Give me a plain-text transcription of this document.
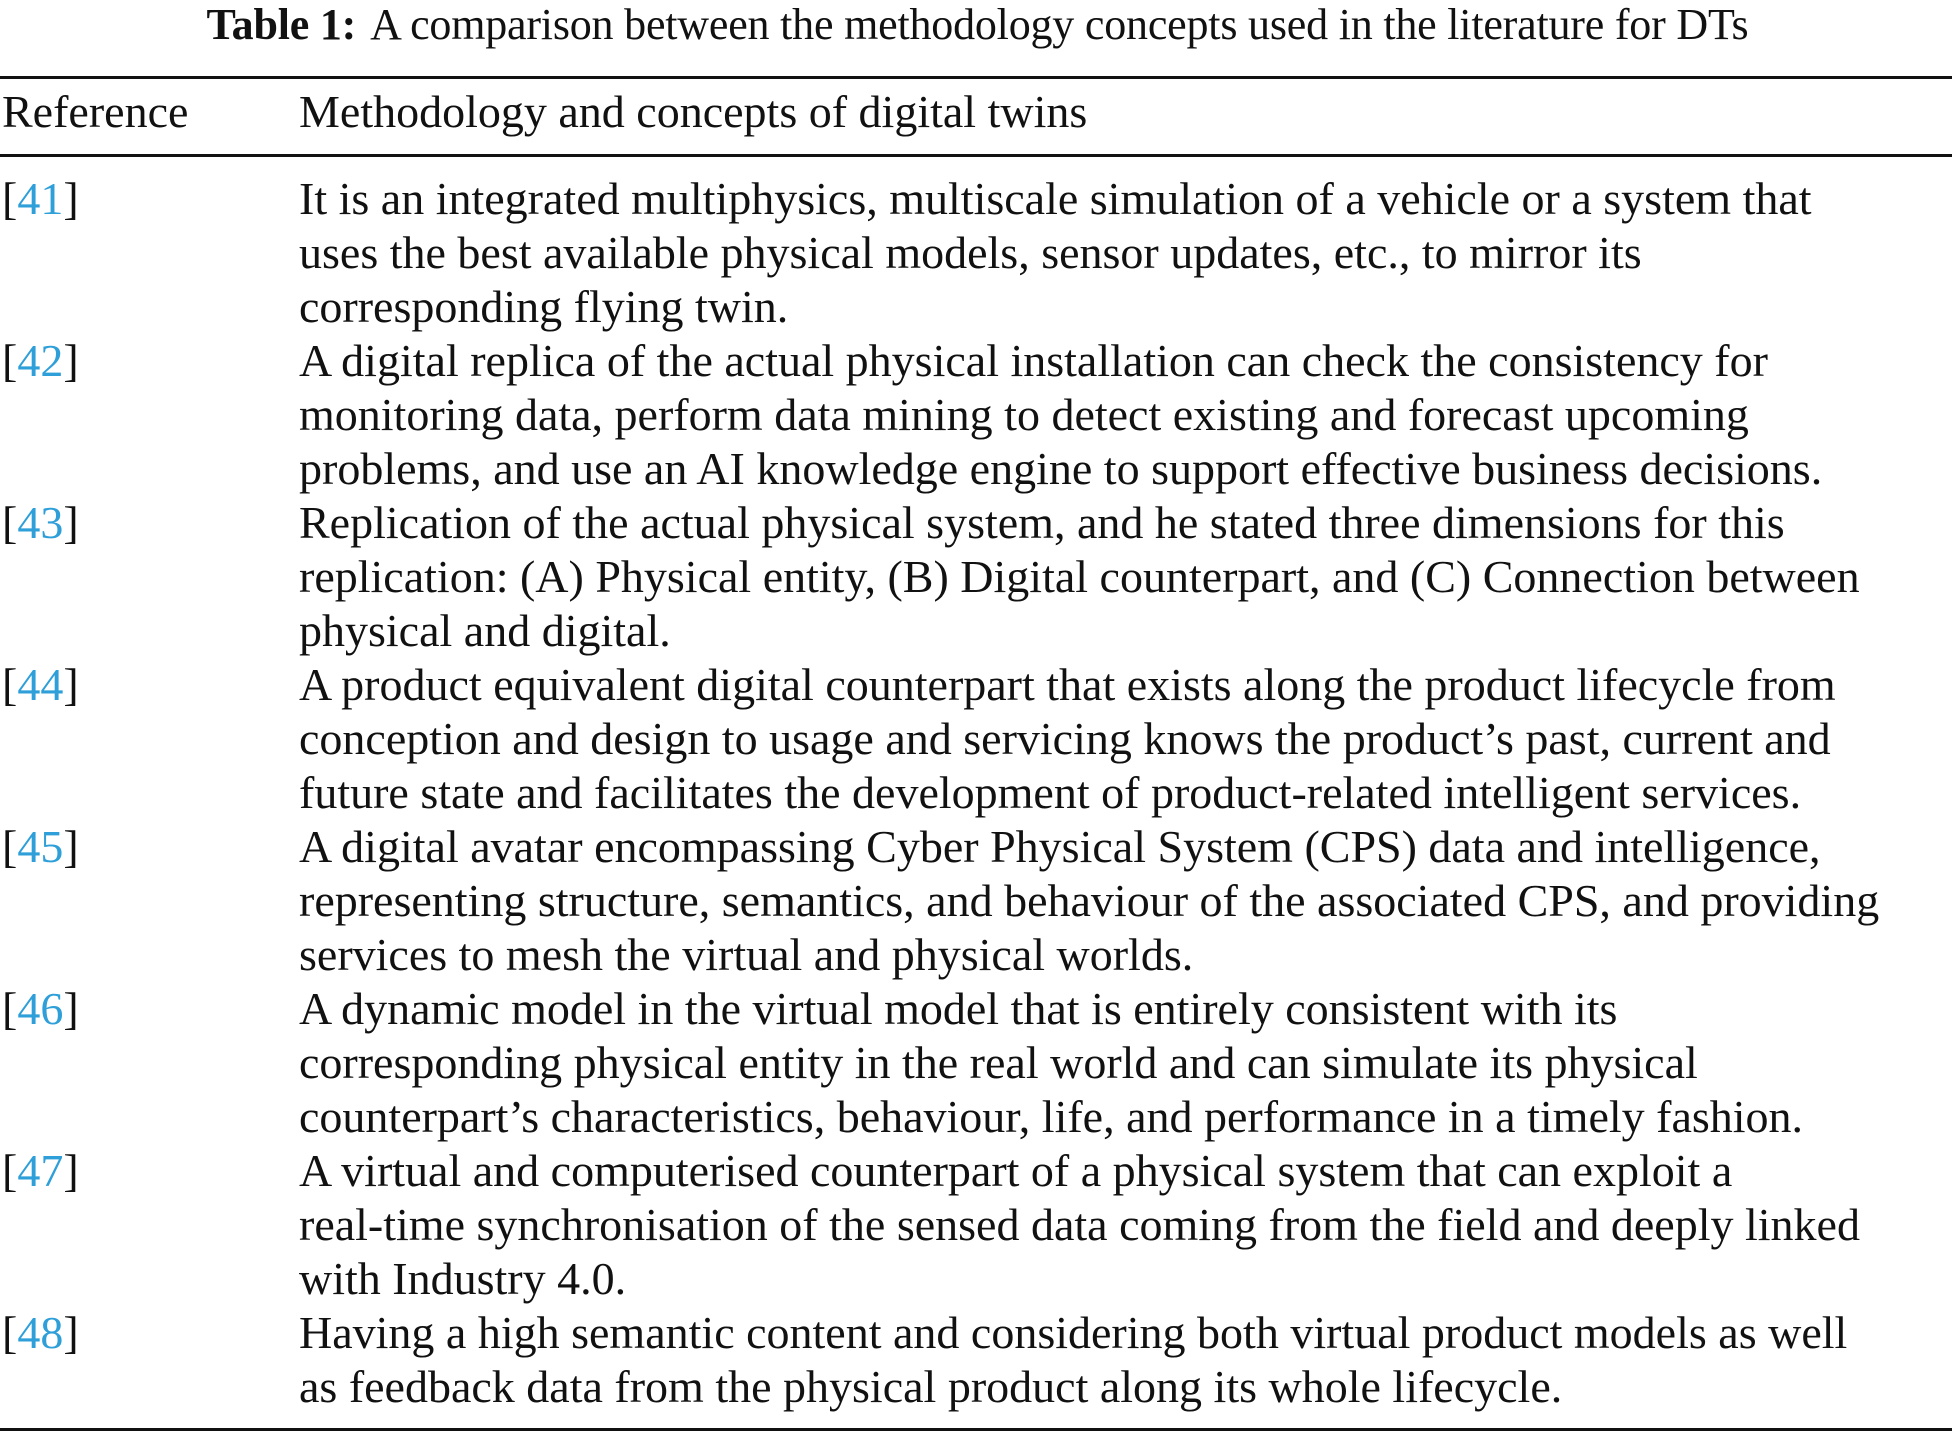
Table 1: A comparison between the methodology concepts used in the literature for DTs
Reference Methodology and concepts of digital twins
[41]	It is an integrated multiphysics, multiscale simulation of a vehicle or a system that
uses the best available physical models, sensor updates, etc., to mirror its
corresponding flying twin.
[42]	A digital replica of the actual physical installation can check the consistency for
monitoring data, perform data mining to detect existing and forecast upcoming
problems, and use an AI knowledge engine to support effective business decisions.
[43]	Replication of the actual physical system, and he stated three dimensions for this
replication: (A) Physical entity, (B) Digital counterpart, and (C) Connection between
physical and digital.
[44]	A product equivalent digital counterpart that exists along the product lifecycle from
conception and design to usage and servicing knows the product’s past, current and
future state and facilitates the development of product-related intelligent services.
[45]	A digital avatar encompassing Cyber Physical System (CPS) data and intelligence,
representing structure, semantics, and behaviour of the associated CPS, and providing
services to mesh the virtual and physical worlds.
[46]	A dynamic model in the virtual model that is entirely consistent with its
corresponding physical entity in the real world and can simulate its physical
counterpart’s characteristics, behaviour, life, and performance in a timely fashion.
[47]	A virtual and computerised counterpart of a physical system that can exploit a
real-time synchronisation of the sensed data coming from the field and deeply linked
with Industry 4.0.
[48]	Having a high semantic content and considering both virtual product models as well
as feedback data from the physical product along its whole lifecycle.
